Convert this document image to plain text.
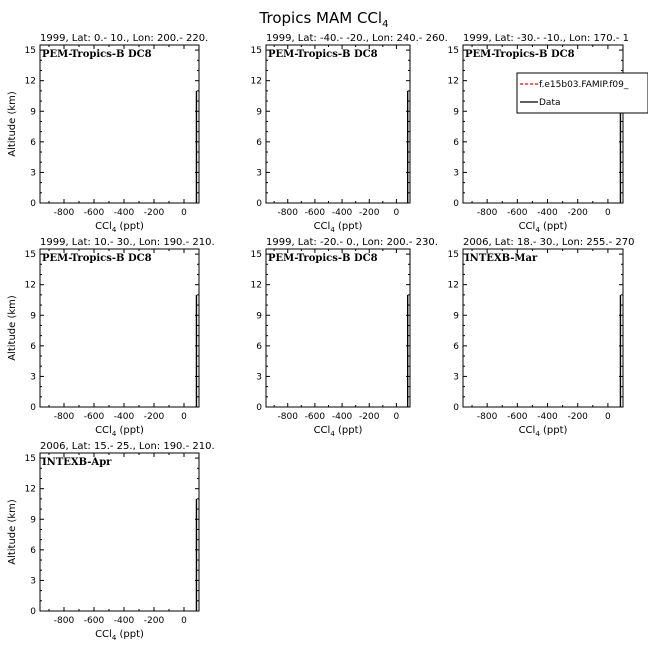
Tropics MAM CCl$_4$
1999, Lat: 0.- 10., Lon: 200.- 220.
PEM-Tropics-B DC8
-800 -600 -400 -200 0
0
3
6
9
12
15
CCl$_4$ (ppt)
Altitude (km)
1999, Lat: -40.- -20., Lon: 240.- 260.
PEM-Tropics-B DC8
-800 -600 -400 -200 0
0
3
6
9
12
15
CCl$_4$ (ppt)
1999, Lat: -30.- -10., Lon: 170.- 1
PEM-Tropics-B DC8
-800 -600 -400 -200 0
0
3
6
9
12
15
CCl$_4$ (ppt)
f.e15b03.FAMIP.f09_
Data
1999, Lat: 10.- 30., Lon: 190.- 210.
PEM-Tropics-B DC8
-800 -600 -400 -200 0
0
3
6
9
12
15
CCl$_4$ (ppt)
Altitude (km)
1999, Lat: -20.- 0., Lon: 200.- 230.
PEM-Tropics-B DC8
-800 -600 -400 -200 0
0
3
6
9
12
15
CCl$_4$ (ppt)
2006, Lat: 18.- 30., Lon: 255.- 270
INTEXB-Mar
-800 -600 -400 -200 0
0
3
6
9
12
15
CCl$_4$ (ppt)
2006, Lat: 15.- 25., Lon: 190.- 210.
INTEXB-Apr
-800 -600 -400 -200 0
0
3
6
9
12
15
CCl$_4$ (ppt)
Altitude (km)
